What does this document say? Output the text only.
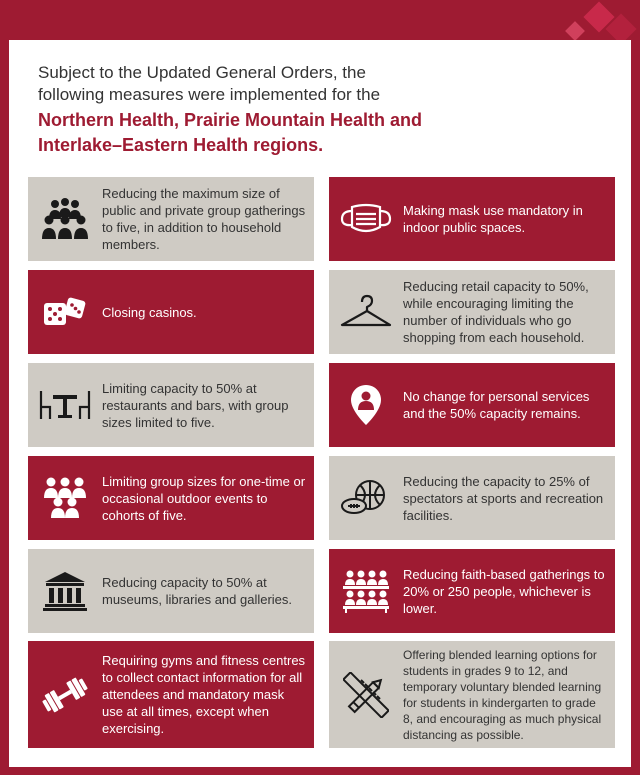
Subject to the Updated General Orders, the

following measures were implemented for the

Northern Health, Prairie Mountain Health and

Interlake–Eastern Health regions.

Reducing the maximum size of public and private group gatherings to five, in addition to household members.
Making mask use mandatory in indoor public spaces.
Closing casinos.
Reducing retail capacity to 50%, while encouraging limiting the number of individuals who go shopping from each household.
Limiting capacity to 50% at restaurants and bars, with group sizes limited to five.
No change for personal services and the 50% capacity remains.
Limiting group sizes for one-time or occasional outdoor events to cohorts of five.
Reducing the capacity to 25% of spectators at sports and recreation facilities.
Reducing capacity to 50% at museums, libraries and galleries.
Reducing faith-based gatherings to 20% or 250 people, whichever is lower.
Requiring gyms and fitness centres to collect contact information for all attendees and mandatory mask use at all times, except when exercising.
Offering blended learning options for students in grades 9 to 12, and temporary voluntary blended learning for students in kindergarten to grade 8, and encouraging as much physical distancing as possible.
